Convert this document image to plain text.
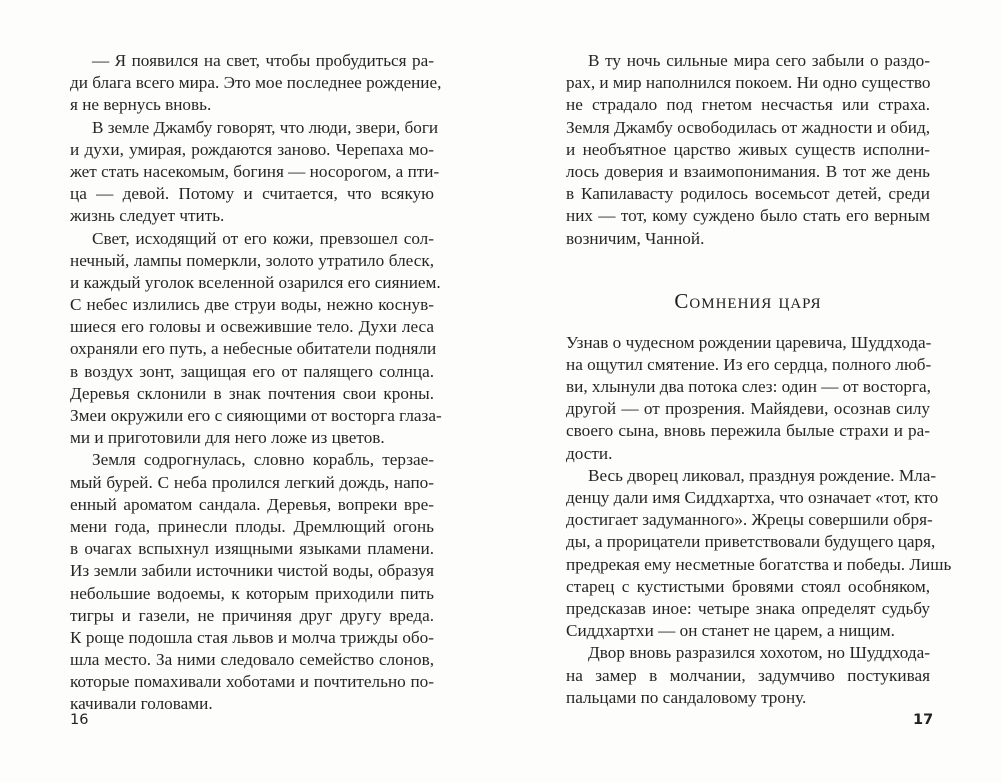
— Я появился на свет, чтобы пробудиться ра-
ди блага всего мира. Это мое последнее рождение,
я не вернусь вновь.
В земле Джамбу говорят, что люди, звери, боги
и духи, умирая, рождаются заново. Черепаха мо-
жет стать насекомым, богиня — носорогом, а пти-
ца — девой. Потому и считается, что всякую
жизнь следует чтить.
Свет, исходящий от его кожи, превзошел сол-
нечный, лампы померкли, золото утратило блеск,
и каждый уголок вселенной озарился его сиянием.
С небес излились две струи воды, нежно коснув-
шиеся его головы и освежившие тело. Духи леса
охраняли его путь, а небесные обитатели подняли
в воздух зонт, защищая его от палящего солнца.
Деревья склонили в знак почтения свои кроны.
Змеи окружили его с сияющими от восторга глаза-
ми и приготовили для него ложе из цветов.
Земля содрогнулась, словно корабль, терзае-
мый бурей. С неба пролился легкий дождь, напо-
енный ароматом сандала. Деревья, вопреки вре-
мени года, принесли плоды. Дремлющий огонь
в очагах вспыхнул изящными языками пламени.
Из земли забили источники чистой воды, образуя
небольшие водоемы, к которым приходили пить
тигры и газели, не причиняя друг другу вреда.
К роще подошла стая львов и молча трижды обо-
шла место. За ними следовало семейство слонов,
которые помахивали хоботами и почтительно по-
качивали головами.
В ту ночь сильные мира сего забыли о раздо-
рах, и мир наполнился покоем. Ни одно существо
не страдало под гнетом несчастья или страха.
Земля Джамбу освободилась от жадности и обид,
и необъятное царство живых существ исполни-
лось доверия и взаимопонимания. В тот же день
в Капилавасту родилось восемьсот детей, среди
них — тот, кому суждено было стать его верным
возничим, Чанной.
Сомнения царя
Узнав о чудесном рождении царевича, Шуддхода-
на ощутил смятение. Из его сердца, полного люб-
ви, хлынули два потока слез: один — от восторга,
другой — от прозрения. Майядеви, осознав силу
своего сына, вновь пережила былые страхи и ра-
дости.
Весь дворец ликовал, празднуя рождение. Мла-
денцу дали имя Сиддхартха, что означает «тот, кто
достигает задуманного». Жрецы совершили обря-
ды, а прорицатели приветствовали будущего царя,
предрекая ему несметные богатства и победы. Лишь
старец с кустистыми бровями стоял особняком,
предсказав иное: четыре знака определят судьбу
Сиддхартхи — он станет не царем, а нищим.
Двор вновь разразился хохотом, но Шуддхода-
на замер в молчании, задумчиво постукивая
пальцами по сандаловому трону.
16	17
